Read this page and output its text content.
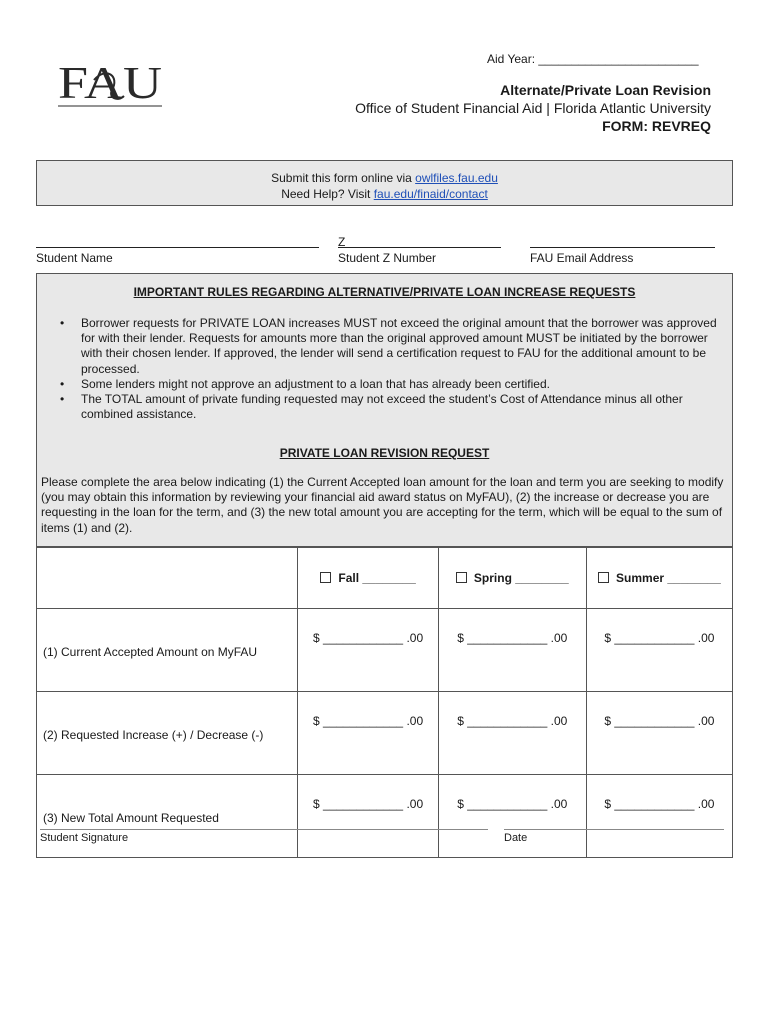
FAU	Aid Year: ________________________
Alternate/Private Loan Revision
Office of Student Financial Aid | Florida Atlantic University
FORM: REVREQ
Submit this form online via owlfiles.fau.edu
Need Help? Visit fau.edu/finaid/contact
Student Name
Z
Student Z Number	FAU Email Address
IMPORTANT RULES REGARDING ALTERNATIVE/PRIVATE LOAN INCREASE REQUESTS
• Borrower requests for PRIVATE LOAN increases MUST not exceed the original amount that the borrower was approved for with their lender. Requests for amounts more than the original approved amount MUST be initiated by the borrower with their chosen lender. If approved, the lender will send a certification request to FAU for the additional amount to be processed.
• Some lenders might not approve an adjustment to a loan that has already been certified.
• The TOTAL amount of private funding requested may not exceed the student’s Cost of Attendance minus all other combined assistance.
PRIVATE LOAN REVISION REQUEST
Please complete the area below indicating (1) the Current Accepted loan amount for the loan and term you are seeking to modify (you may obtain this information by reviewing your financial aid award status on MyFAU), (2) the increase or decrease you are requesting in the loan for the term, and (3) the new total amount you are accepting for the term, which will be equal to the sum of items (1) and (2).
	Fall ________	Spring ________	Summer ________
(1) Current Accepted Amount on MyFAU	$ ____________ .00	$ ____________ .00	$ ____________ .00
(2) Requested Increase (+) / Decrease (-)	$ ____________ .00	$ ____________ .00	$ ____________ .00
(3) New Total Amount Requested	$ ____________ .00	$ ____________ .00	$ ____________ .00
Student Signature	Date
